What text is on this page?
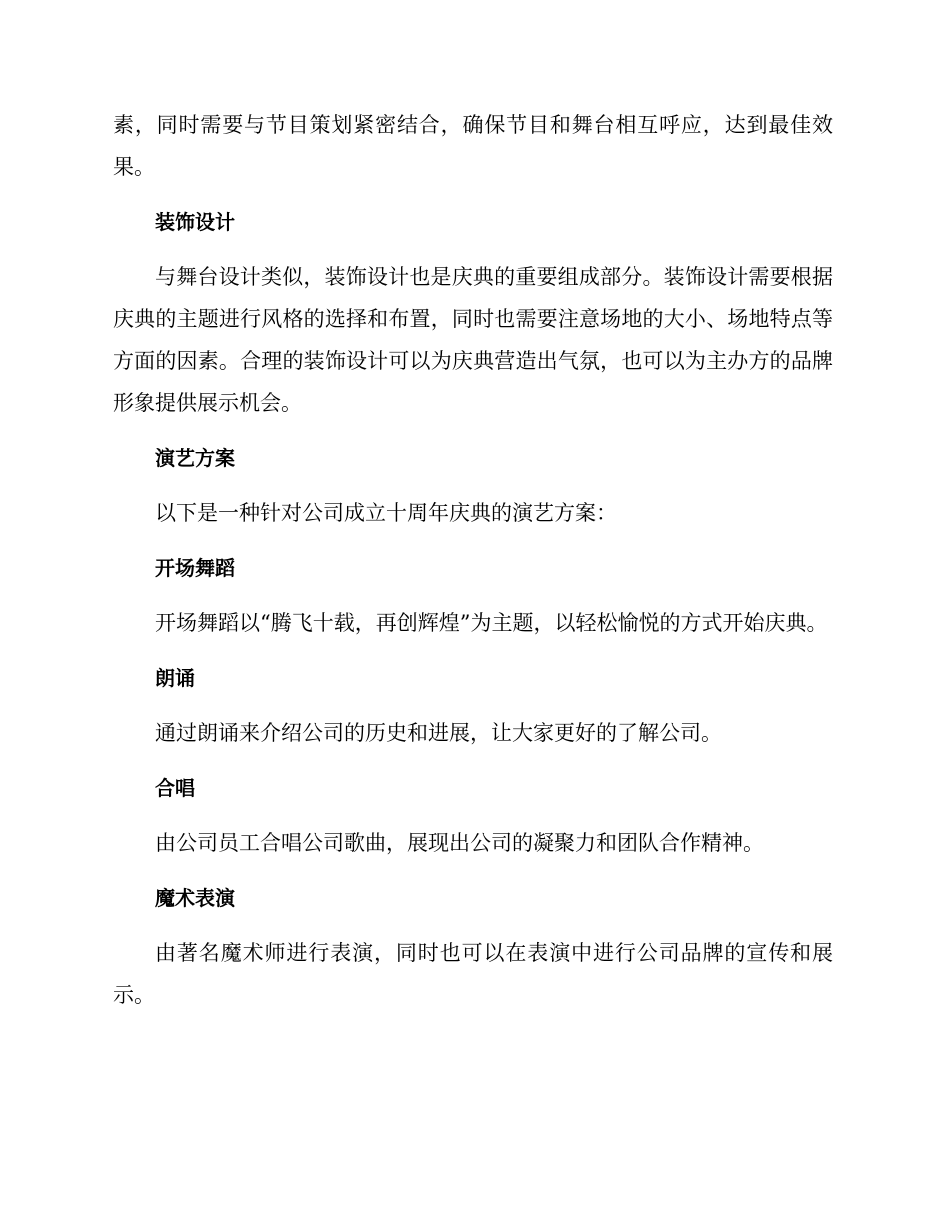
素，同时需要与节目策划紧密结合，确保节目和舞台相互呼应，达到最佳效果。

装饰设计

与舞台设计类似，装饰设计也是庆典的重要组成部分。装饰设计需要根据庆典的主题进行风格的选择和布置，同时也需要注意场地的大小、场地特点等方面的因素。合理的装饰设计可以为庆典营造出气氛，也可以为主办方的品牌形象提供展示机会。

演艺方案

以下是一种针对公司成立十周年庆典的演艺方案：

开场舞蹈

开场舞蹈以“腾飞十载，再创辉煌”为主题，以轻松愉悦的方式开始庆典。

朗诵

通过朗诵来介绍公司的历史和进展，让大家更好的了解公司。

合唱

由公司员工合唱公司歌曲，展现出公司的凝聚力和团队合作精神。

魔术表演

由著名魔术师进行表演，同时也可以在表演中进行公司品牌的宣传和展示。
